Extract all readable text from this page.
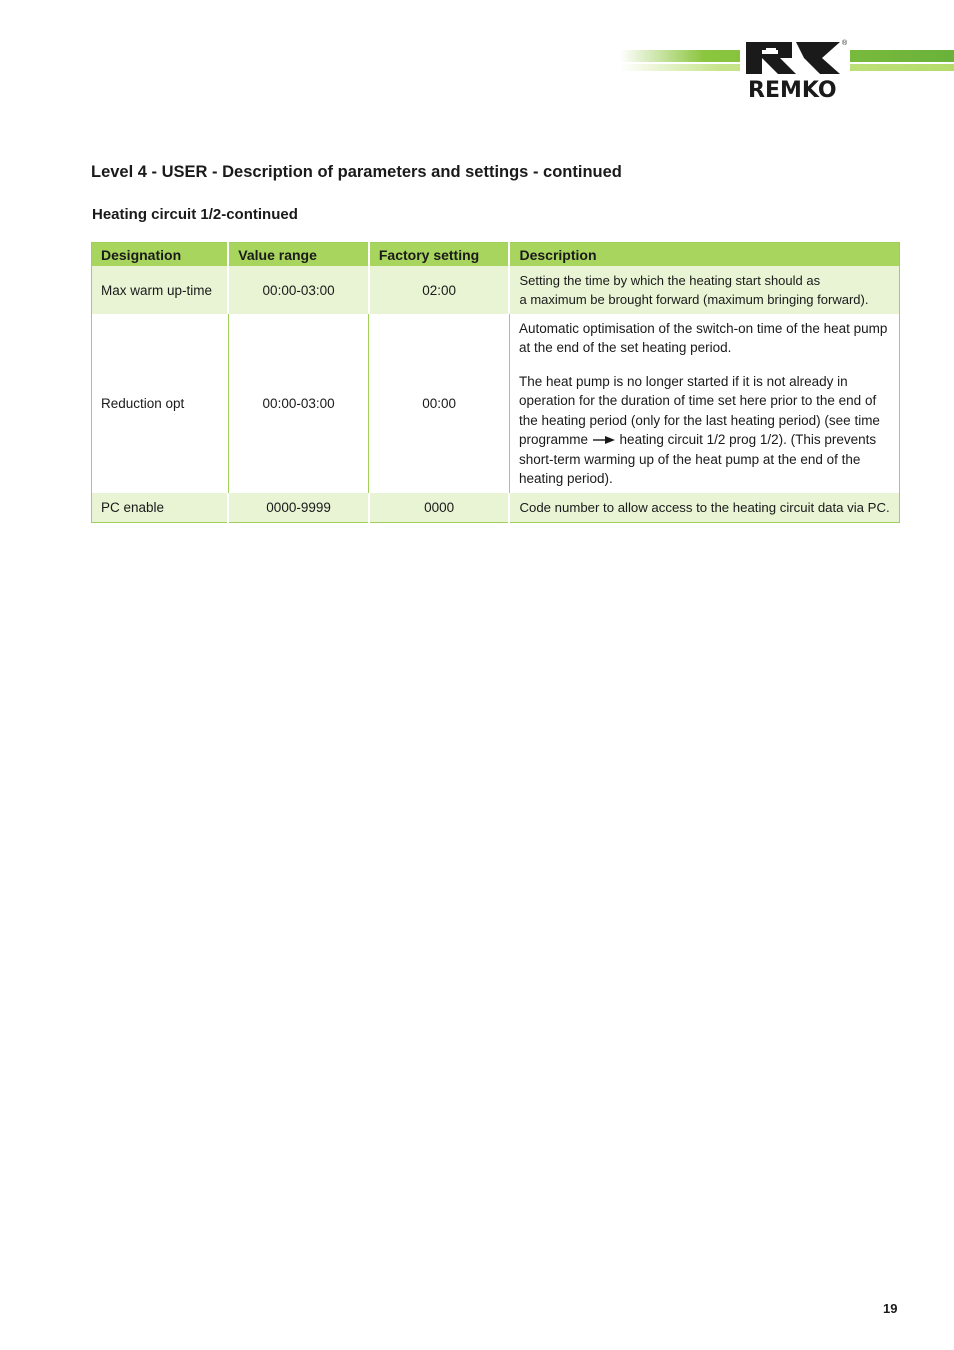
®
REMKO
Level 4 - USER - Description of parameters and settings - continued
Heating circuit 1/2-continued
Designation	Value range	Factory setting	Description
Max warm up-time	00:00-03:00	02:00	Setting the time by which the heating start should as
a maximum be brought forward (maximum bringing forward).

Reduction opt	00:00-03:00	00:00	Automatic optimisation of the switch-on time of the heat pump at the end of the set heating period.

The heat pump is no longer started if it is not already in operation for the duration of time set here prior to the end of the heating period (only for the last heating period) (see time programme heating circuit 1/2 prog 1/2). (This prevents short-term warming up of the heat pump at the end of the heating period).

PC enable	0000-9999	0000	Code number to allow access to the heating circuit data via PC.
19
